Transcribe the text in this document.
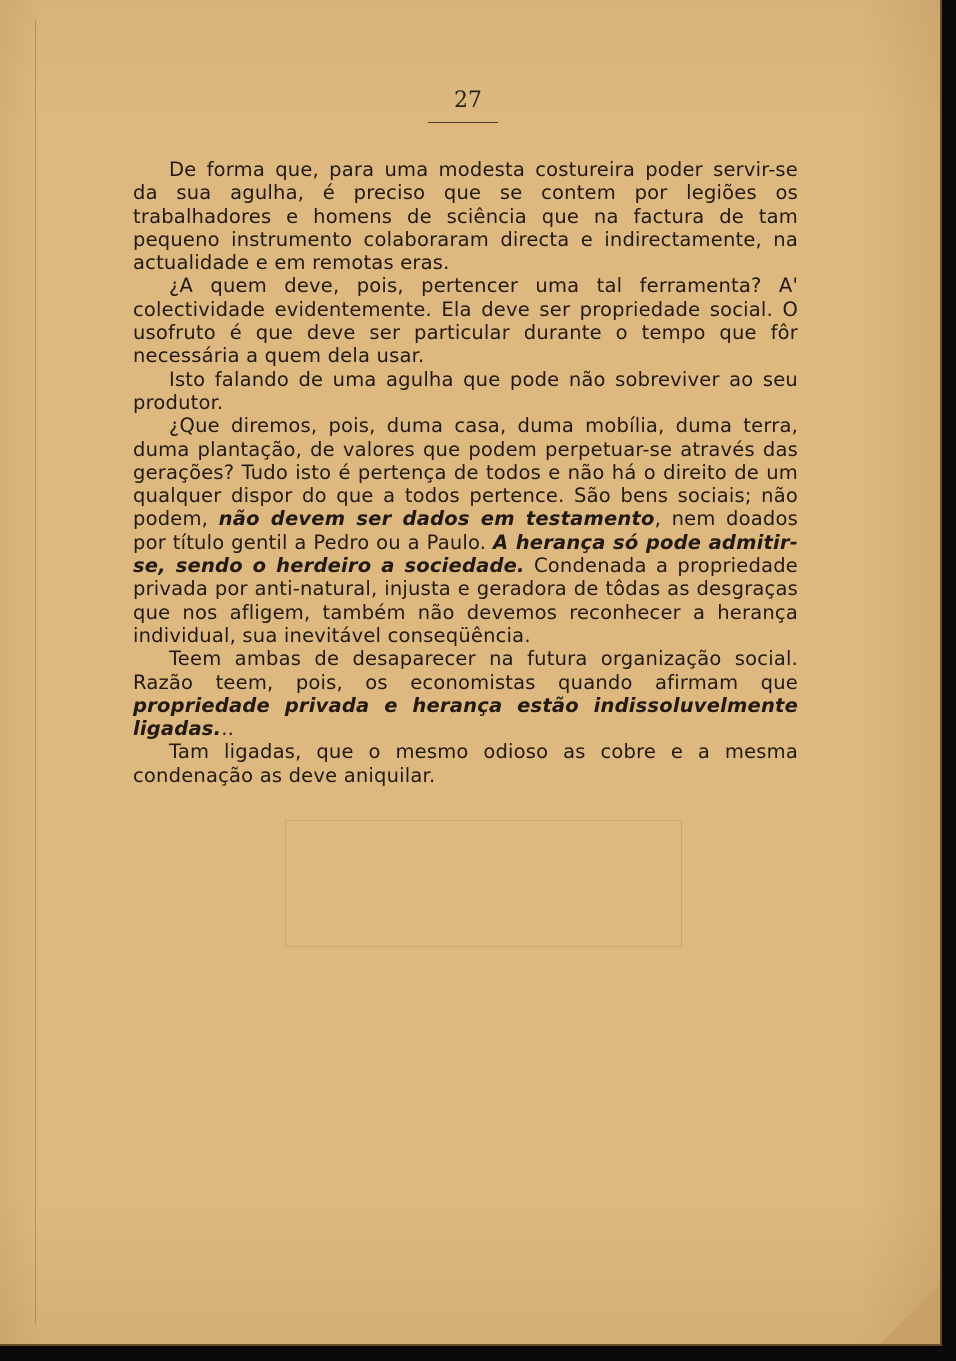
27

De forma que, para uma modesta costureira poder servir-se da sua agulha, é preciso que se contem por legiões os trabalhadores e homens de sciência que na factura de tam pequeno instrumento colaboraram directa e indirectamente, na actualidade e em remotas eras.

¿A quem deve, pois, pertencer uma tal ferramenta? A' colectividade evidentemente. Ela deve ser propriedade social. O usofruto é que deve ser particular durante o tempo que fôr necessária a quem dela usar.

Isto falando de uma agulha que pode não sobreviver ao seu produtor.

¿Que diremos, pois, duma casa, duma mobília, duma terra, duma plantação, de valores que podem perpetuar-se através das gerações? Tudo isto é pertença de todos e não há o direito de um qualquer dispor do que a todos pertence. São bens sociais; não podem, não devem ser dados em testamento, nem doados por título gentil a Pedro ou a Paulo. A herança só pode admitir-se, sendo o herdeiro a sociedade. Condenada a propriedade privada por anti-natural, injusta e geradora de tôdas as desgraças que nos afligem, também não devemos reconhecer a herança individual, sua inevitável conseqüência.

Teem ambas de desaparecer na futura organização social. Razão teem, pois, os economistas quando afirmam que propriedade privada e herança estão indissoluvelmente ligadas...

Tam ligadas, que o mesmo odioso as cobre e a mesma condenação as deve aniquilar.
